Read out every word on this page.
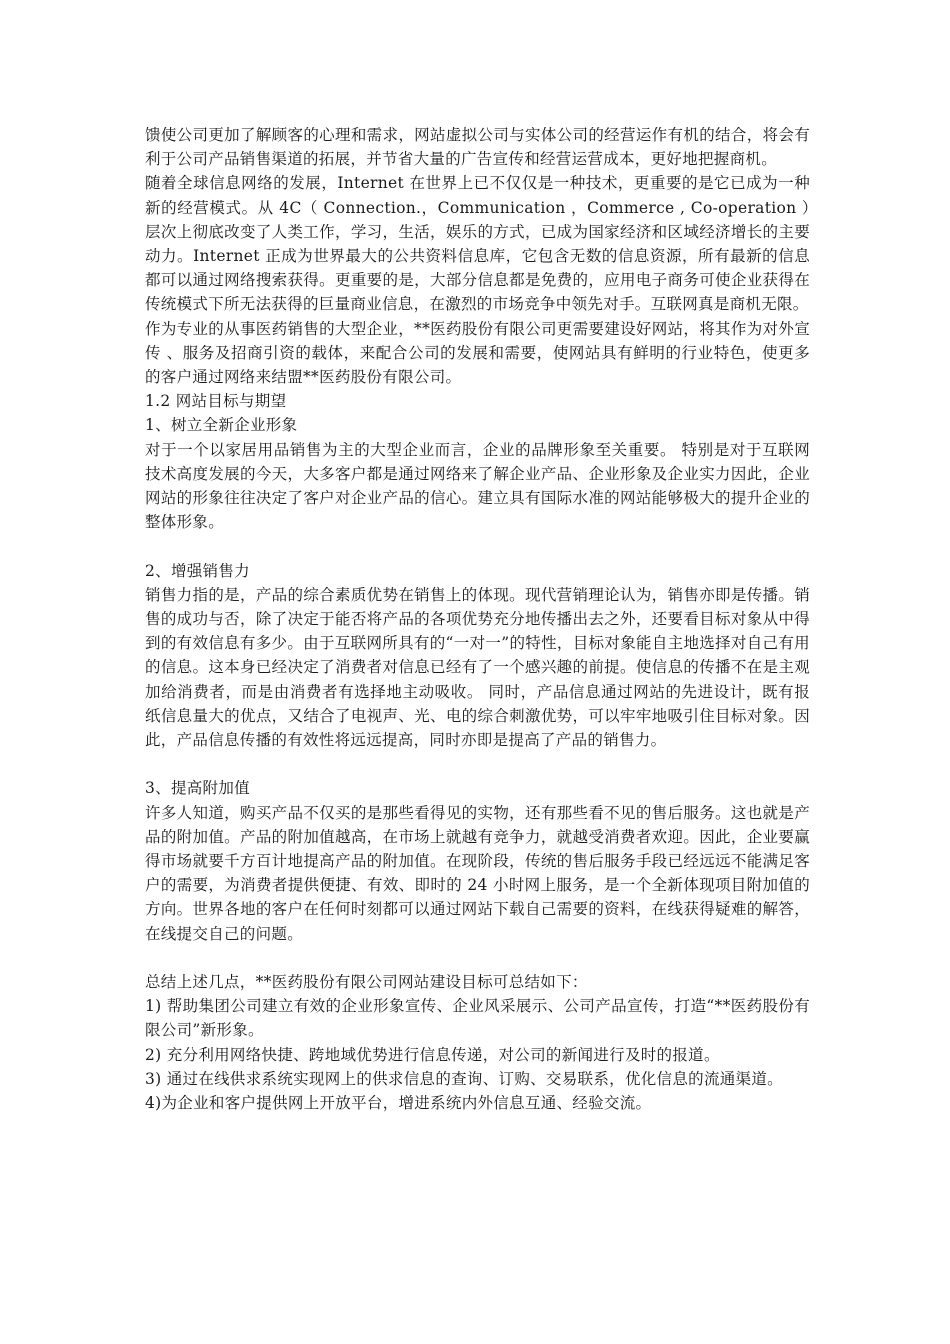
馈使公司更加了解顾客的心理和需求，网站虚拟公司与实体公司的经营运作有机的结合，将会有利于公司产品销售渠道的拓展，并节省大量的广告宣传和经营运营成本，更好地把握商机。

随着全球信息网络的发展，Internet 在世界上已不仅仅是一种技术，更重要的是它已成为一种新的经营模式。从 4C（ Connection.，Communication ，Commerce , Co-operation ）层次上彻底改变了人类工作，学习，生活，娱乐的方式，已成为国家经济和区域经济增长的主要动力。Internet 正成为世界最大的公共资料信息库，它包含无数的信息资源，所有最新的信息都可以通过网络搜索获得。更重要的是，大部分信息都是免费的，应用电子商务可使企业获得在传统模式下所无法获得的巨量商业信息，在激烈的市场竞争中领先对手。互联网真是商机无限。

作为专业的从事医药销售的大型企业，**医药股份有限公司更需要建设好网站，将其作为对外宣传 、服务及招商引资的载体，来配合公司的发展和需要，使网站具有鲜明的行业特色，使更多的客户通过网络来结盟**医药股份有限公司。

1.2 网站目标与期望

1、树立全新企业形象

对于一个以家居用品销售为主的大型企业而言，企业的品牌形象至关重要。 特别是对于互联网技术高度发展的今天，大多客户都是通过网络来了解企业产品、企业形象及企业实力因此，企业网站的形象往往决定了客户对企业产品的信心。建立具有国际水准的网站能够极大的提升企业的整体形象。

2、增强销售力

销售力指的是，产品的综合素质优势在销售上的体现。现代营销理论认为，销售亦即是传播。销售的成功与否，除了决定于能否将产品的各项优势充分地传播出去之外，还要看目标对象从中得到的有效信息有多少。由于互联网所具有的“一对一”的特性，目标对象能自主地选择对自己有用的信息。这本身已经决定了消费者对信息已经有了一个感兴趣的前提。使信息的传播不在是主观加给消费者，而是由消费者有选择地主动吸收。 同时，产品信息通过网站的先进设计，既有报纸信息量大的优点，又结合了电视声、光、电的综合刺激优势，可以牢牢地吸引住目标对象。因此，产品信息传播的有效性将远远提高，同时亦即是提高了产品的销售力。

3、提高附加值

许多人知道，购买产品不仅买的是那些看得见的实物，还有那些看不见的售后服务。这也就是产品的附加值。产品的附加值越高，在市场上就越有竞争力，就越受消费者欢迎。因此，企业要赢得市场就要千方百计地提高产品的附加值。在现阶段，传统的售后服务手段已经远远不能满足客户的需要，为消费者提供便捷、有效、即时的 24 小时网上服务，是一个全新体现项目附加值的方向。世界各地的客户在任何时刻都可以通过网站下载自己需要的资料，在线获得疑难的解答，在线提交自己的问题。

总结上述几点，**医药股份有限公司网站建设目标可总结如下：

1) 帮助集团公司建立有效的企业形象宣传、企业风采展示、公司产品宣传，打造“**医药股份有限公司”新形象。

2) 充分利用网络快捷、跨地域优势进行信息传递，对公司的新闻进行及时的报道。

3) 通过在线供求系统实现网上的供求信息的查询、订购、交易联系，优化信息的流通渠道。

4)为企业和客户提供网上开放平台，增进系统内外信息互通、经验交流。
